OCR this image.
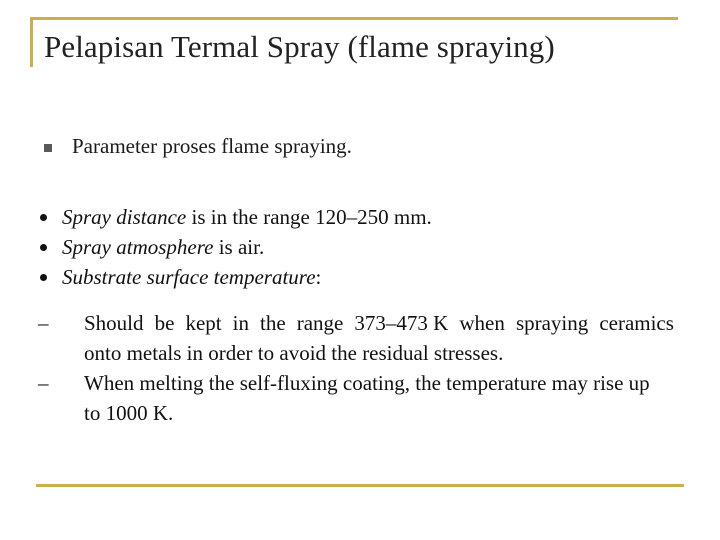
Pelapisan Termal Spray (flame spraying)
Parameter proses flame spraying.
Spray distance is in the range 120–250 mm.
Spray atmosphere is air.
Substrate surface temperature:
– Should be kept in the range 373–473 K when spraying ceramics
onto metals in order to avoid the residual stresses.
– When melting the self-fluxing coating, the temperature may rise up
to 1000 K.
